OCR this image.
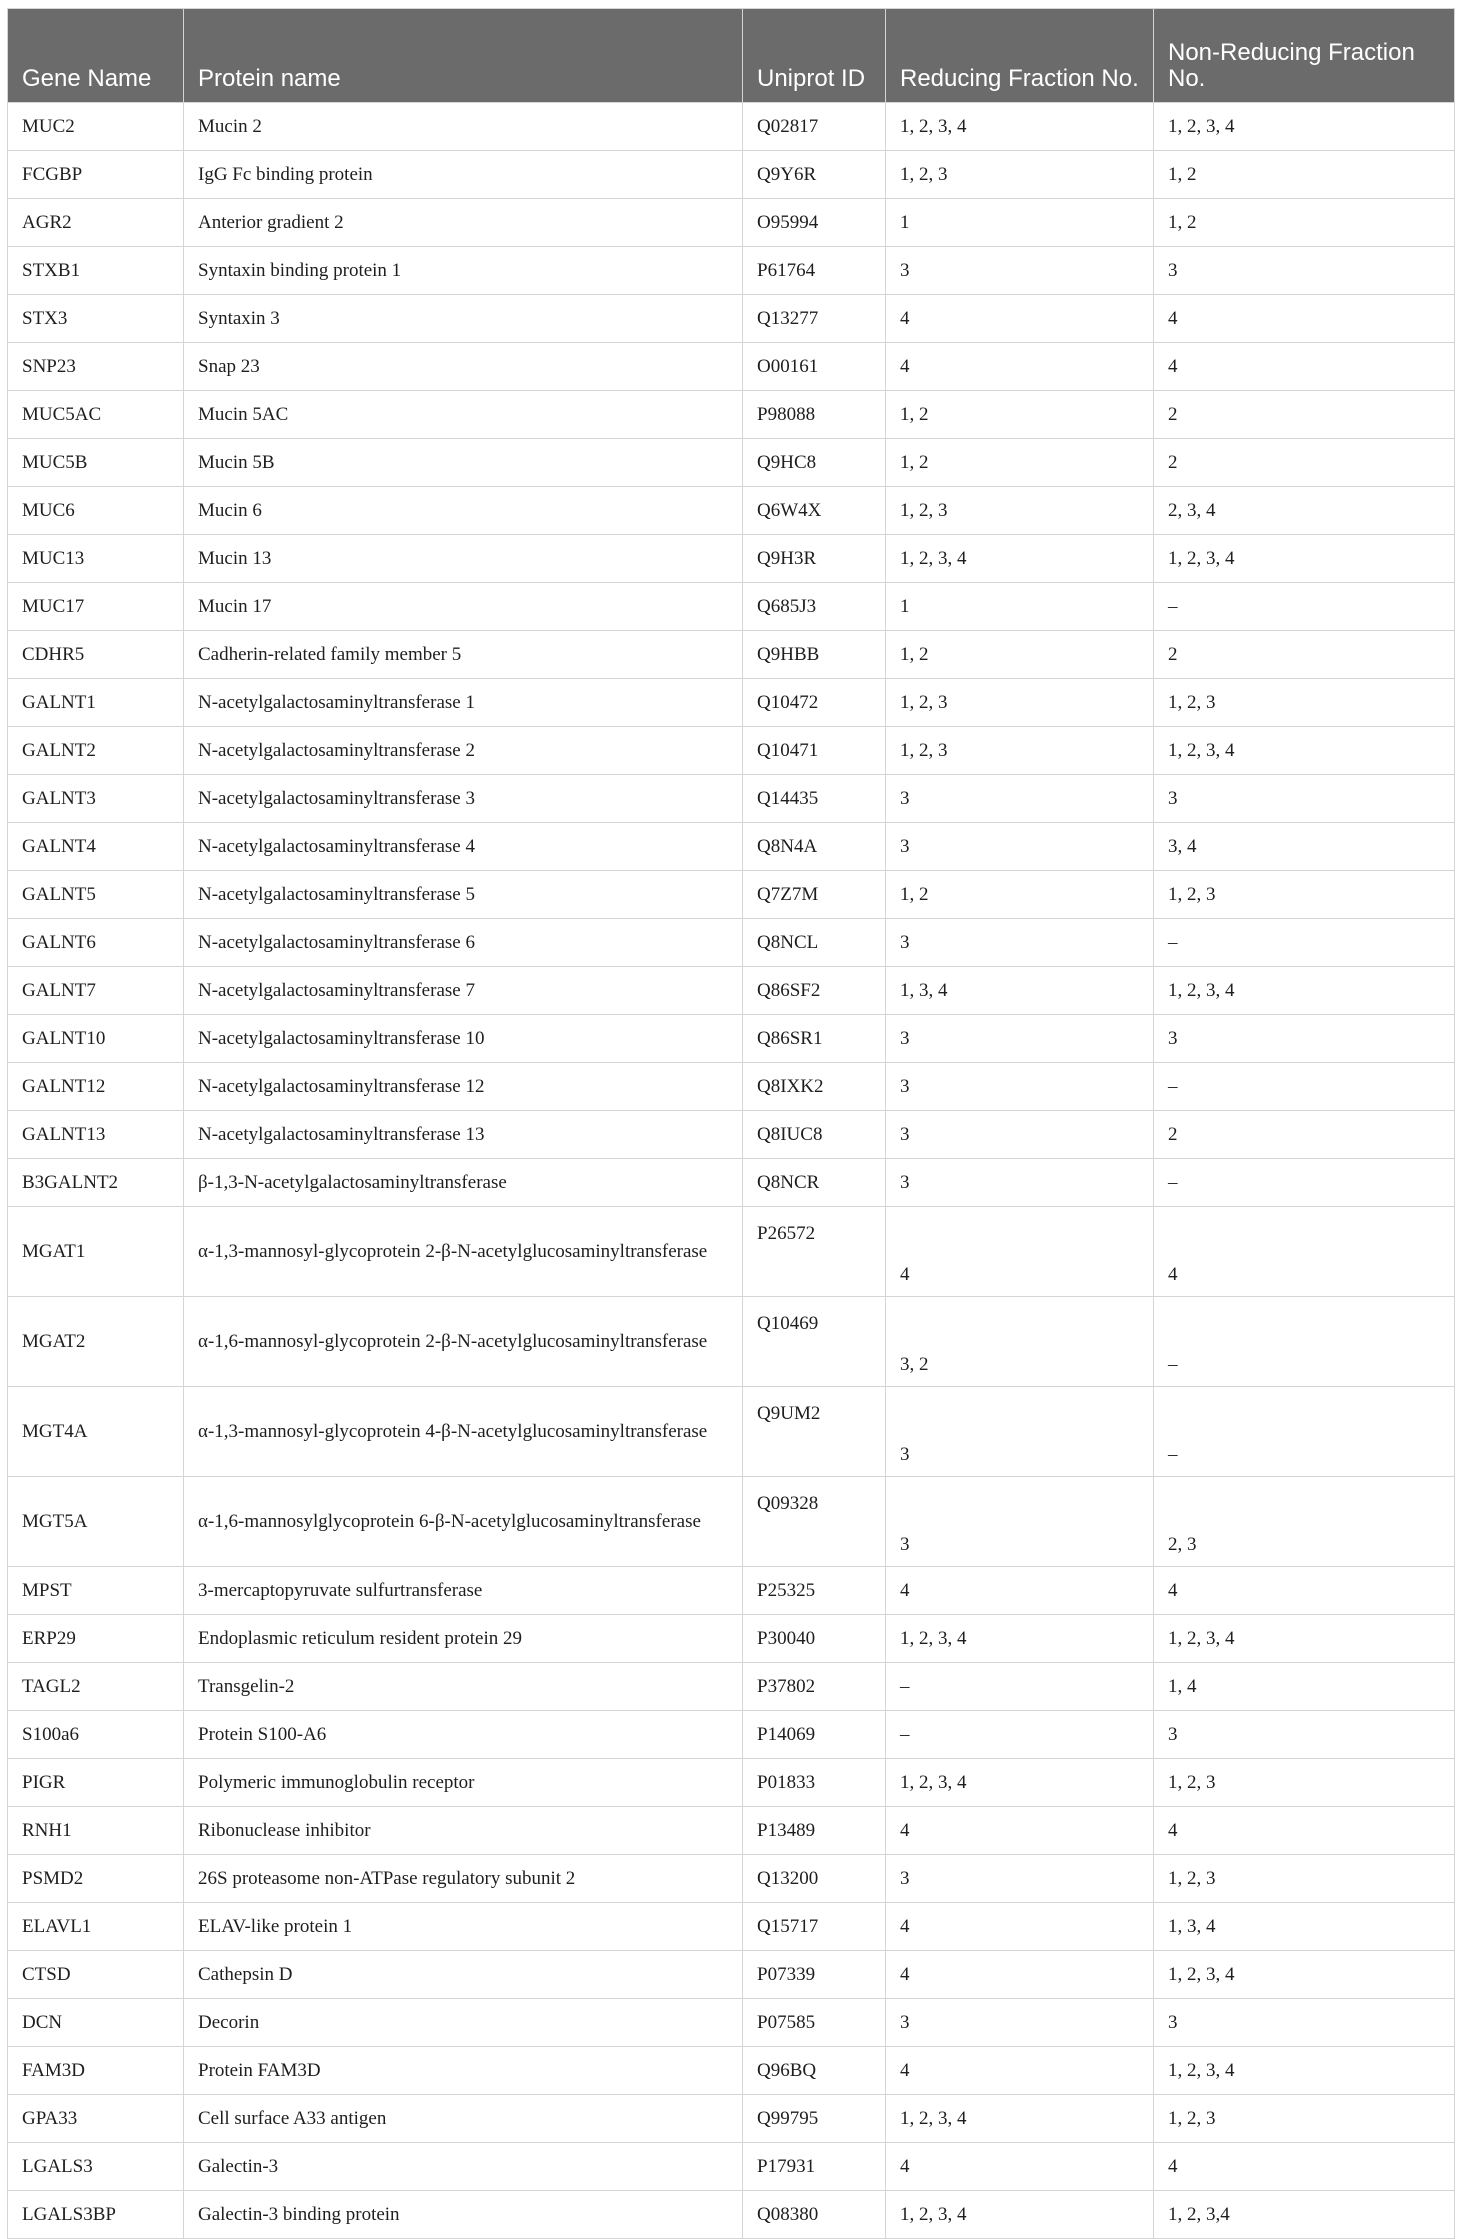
Gene Name	Protein name	Uniprot ID	Reducing Fraction No.	Non-Reducing Fraction No.
MUC2	Mucin 2	Q02817	1, 2, 3, 4	1, 2, 3, 4
FCGBP	IgG Fc binding protein	Q9Y6R	1, 2, 3	1, 2
AGR2	Anterior gradient 2	O95994	1	1, 2
STXB1	Syntaxin binding protein 1	P61764	3	3
STX3	Syntaxin 3	Q13277	4	4
SNP23	Snap 23	O00161	4	4
MUC5AC	Mucin 5AC	P98088	1, 2	2
MUC5B	Mucin 5B	Q9HC8	1, 2	2
MUC6	Mucin 6	Q6W4X	1, 2, 3	2, 3, 4
MUC13	Mucin 13	Q9H3R	1, 2, 3, 4	1, 2, 3, 4
MUC17	Mucin 17	Q685J3	1	–
CDHR5	Cadherin-related family member 5	Q9HBB	1, 2	2
GALNT1	N-acetylgalactosaminyltransferase 1	Q10472	1, 2, 3	1, 2, 3
GALNT2	N-acetylgalactosaminyltransferase 2	Q10471	1, 2, 3	1, 2, 3, 4
GALNT3	N-acetylgalactosaminyltransferase 3	Q14435	3	3
GALNT4	N-acetylgalactosaminyltransferase 4	Q8N4A	3	3, 4
GALNT5	N-acetylgalactosaminyltransferase 5	Q7Z7M	1, 2	1, 2, 3
GALNT6	N-acetylgalactosaminyltransferase 6	Q8NCL	3	–
GALNT7	N-acetylgalactosaminyltransferase 7	Q86SF2	1, 3, 4	1, 2, 3, 4
GALNT10	N-acetylgalactosaminyltransferase 10	Q86SR1	3	3
GALNT12	N-acetylgalactosaminyltransferase 12	Q8IXK2	3	–
GALNT13	N-acetylgalactosaminyltransferase 13	Q8IUC8	3	2
B3GALNT2	β-1,3-N-acetylgalactosaminyltransferase	Q8NCR	3	–
MGAT1	α-1,3-mannosyl-glycoprotein 2-β-N-acetylglucosaminyltransferase	P26572	4	4
MGAT2	α-1,6-mannosyl-glycoprotein 2-β-N-acetylglucosaminyltransferase	Q10469	3, 2	–
MGT4A	α-1,3-mannosyl-glycoprotein 4-β-N-acetylglucosaminyltransferase	Q9UM2	3	–
MGT5A	α-1,6-mannosylglycoprotein 6-β-N-acetylglucosaminyltransferase	Q09328	3	2, 3
MPST	3-mercaptopyruvate sulfurtransferase	P25325	4	4
ERP29	Endoplasmic reticulum resident protein 29	P30040	1, 2, 3, 4	1, 2, 3, 4
TAGL2	Transgelin-2	P37802	–	1, 4
S100a6	Protein S100-A6	P14069	–	3
PIGR	Polymeric immunoglobulin receptor	P01833	1, 2, 3, 4	1, 2, 3
RNH1	Ribonuclease inhibitor	P13489	4	4
PSMD2	26S proteasome non-ATPase regulatory subunit 2	Q13200	3	1, 2, 3
ELAVL1	ELAV-like protein 1	Q15717	4	1, 3, 4
CTSD	Cathepsin D	P07339	4	1, 2, 3, 4
DCN	Decorin	P07585	3	3
FAM3D	Protein FAM3D	Q96BQ	4	1, 2, 3, 4
GPA33	Cell surface A33 antigen	Q99795	1, 2, 3, 4	1, 2, 3
LGALS3	Galectin-3	P17931	4	4
LGALS3BP	Galectin-3 binding protein	Q08380	1, 2, 3, 4	1, 2, 3,4
